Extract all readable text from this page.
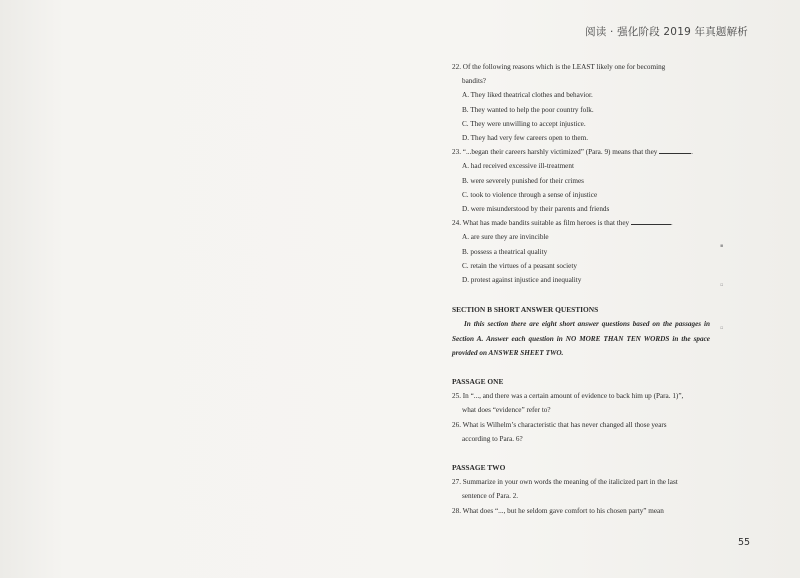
阅读 · 强化阶段 2019 年真题解析

22. Of the following reasons which is the LEAST likely one for becoming
bandits?

A. They liked theatrical clothes and behavior.

B. They wanted to help the poor country folk.

C. They were unwilling to accept injustice.

D. They had very few careers open to them.

23. “...began their careers harshly victimized” (Para. 9) means that they	.

A. had received excessive ill-treatment

B. were severely punished for their crimes

C. took to violence through a sense of injustice

D. were misunderstood by their parents and friends

24. What has made bandits suitable as film heroes is that they	.

A. are sure they are invincible

B. possess a theatrical quality

C. retain the virtues of a peasant society

D. protest against injustice and inequality

SECTION B SHORT ANSWER QUESTIONS

In this section there are eight short answer questions based on the passages in Section A. Answer each question in NO MORE THAN TEN WORDS in the space provided on ANSWER SHEET TWO.

PASSAGE ONE

25. In “..., and there was a certain amount of evidence to back him up (Para. 1)”,
what does “evidence” refer to?

26. What is Wilhelm’s characteristic that has never changed all those years
according to Para. 6?

PASSAGE TWO

27. Summarize in your own words the meaning of the italicized part in the last
sentence of Para. 2.

28. What does “..., but he seldom gave comfort to his chosen party” mean

▪
▫
▫
55
